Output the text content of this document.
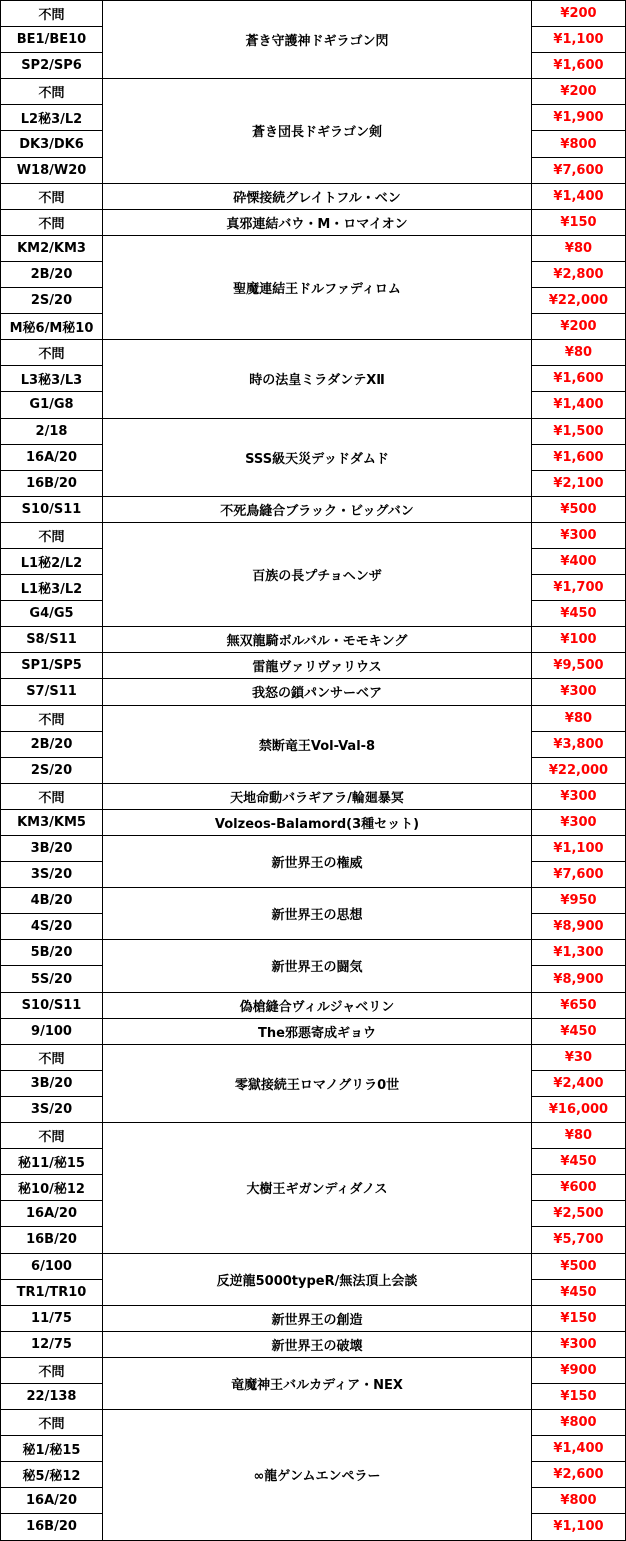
不問	蒼き守護神ドギラゴン閃	¥200
BE1/BE10		¥1,100
SP2/SP6		¥1,600
不問	蒼き団長ドギラゴン剣	¥200
L2秘3/L2		¥1,900
DK3/DK6		¥800
W18/W20		¥7,600
不問	砕慄接続グレイトフル・ベン	¥1,400
不問	真邪連結バウ・M・ロマイオン	¥150
KM2/KM3	聖魔連結王ドルファディロム	¥80
2B/20		¥2,800
2S/20		¥22,000
M秘6/M秘10		¥200
不問	時の法皇ミラダンテXⅡ	¥80
L3秘3/L3		¥1,600
G1/G8		¥1,400
2/18	SSS級天災デッドダムド	¥1,500
16A/20		¥1,600
16B/20		¥2,100
S10/S11	不死鳥縫合ブラック・ビッグバン	¥500
不問	百族の長プチョヘンザ	¥300
L1秘2/L2		¥400
L1秘3/L2		¥1,700
G4/G5		¥450
S8/S11	無双龍騎ボルバル・モモキング	¥100
SP1/SP5	雷龍ヴァリヴァリウス	¥9,500
S7/S11	我怒の鎖パンサーベア	¥300
不問	禁断竜王Vol-Val-8	¥80
2B/20		¥3,800
2S/20		¥22,000
不問	天地命動バラギアラ/輪廻暴冥	¥300
KM3/KM5	Volzeos-Balamord(3種セット)	¥300
3B/20	新世界王の権威	¥1,100
3S/20		¥7,600
4B/20	新世界王の思想	¥950
4S/20		¥8,900
5B/20	新世界王の闘気	¥1,300
5S/20		¥8,900
S10/S11	偽槍縫合ヴィルジャベリン	¥650
9/100	The邪悪寄成ギョウ	¥450
不問	零獄接続王ロマノグリラ0世	¥30
3B/20		¥2,400
3S/20		¥16,000
不問	大樹王ギガンディダノス	¥80
秘11/秘15		¥450
秘10/秘12		¥600
16A/20		¥2,500
16B/20		¥5,700
6/100	反逆龍5000typeR/無法頂上会談	¥500
TR1/TR10		¥450
11/75	新世界王の創造	¥150
12/75	新世界王の破壊	¥300
不問	竜魔神王バルカディア・NEX	¥900
22/138		¥150
不問	∞龍ゲンムエンペラー	¥800
秘1/秘15		¥1,400
秘5/秘12		¥2,600
16A/20		¥800
16B/20		¥1,100
